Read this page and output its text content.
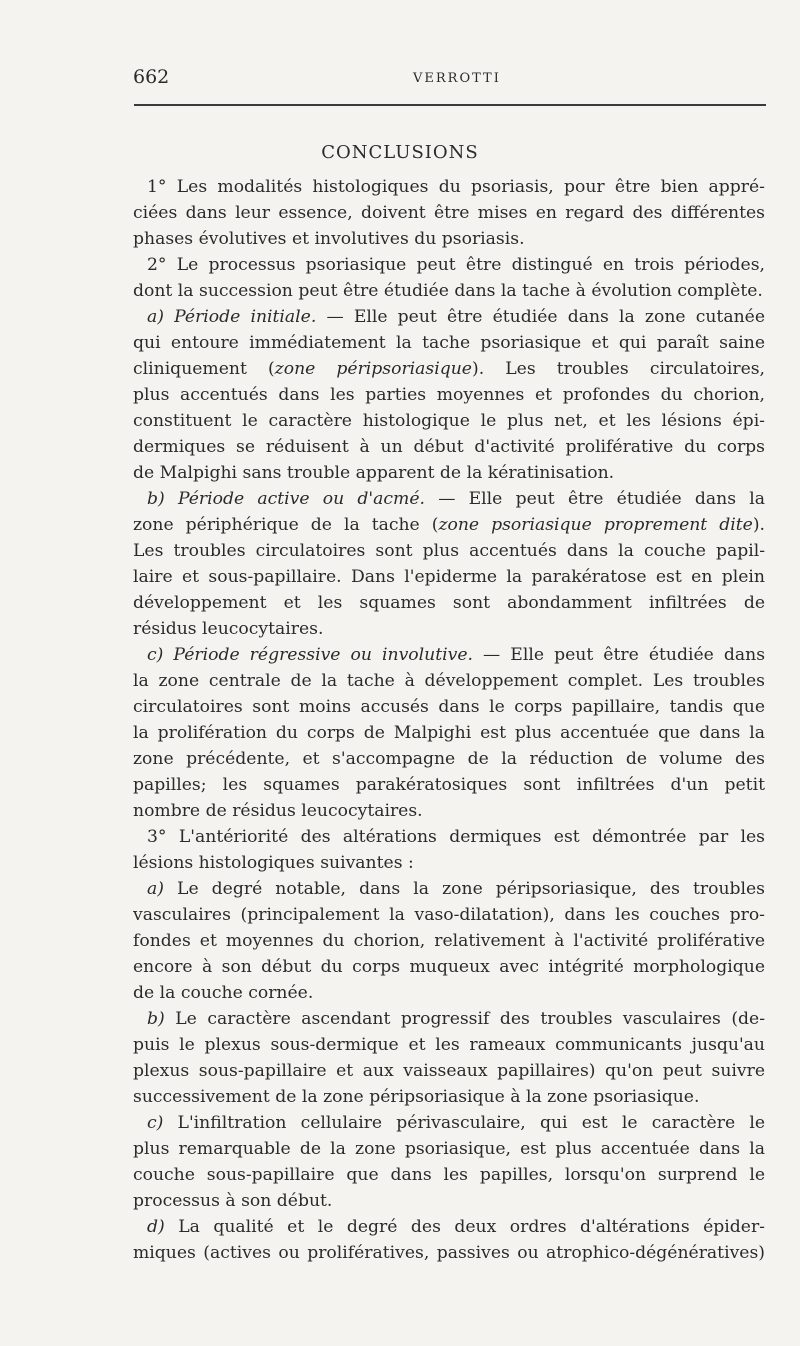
662	VERROTTI
CONCLUSIONS
1° Les modalités histologiques du psoriasis, pour être bien appré-
ciées dans leur essence, doivent être mises en regard des différentes
phases évolutives et involutives du psoriasis.
2° Le processus psoriasique peut être distingué en trois périodes,
dont la succession peut être étudiée dans la tache à évolution complète.
a) Période initiale. — Elle peut être étudiée dans la zone cutanée
qui entoure immédiatement la tache psoriasique et qui paraît saine
cliniquement (zone péripsoriasique). Les troubles circulatoires,
plus accentués dans les parties moyennes et profondes du chorion,
constituent le caractère histologique le plus net, et les lésions épi-
dermiques se réduisent à un début d'activité proliférative du corps
de Malpighi sans trouble apparent de la kératinisation.
b) Période active ou d'acmé. — Elle peut être étudiée dans la
zone périphérique de la tache (zone psoriasique proprement dite).
Les troubles circulatoires sont plus accentués dans la couche papil-
laire et sous-papillaire. Dans l'epiderme la parakératose est en plein
développement et les squames sont abondamment infiltrées de
résidus leucocytaires.
c) Période régressive ou involutive. — Elle peut être étudiée dans
la zone centrale de la tache à développement complet. Les troubles
circulatoires sont moins accusés dans le corps papillaire, tandis que
la prolifération du corps de Malpighi est plus accentuée que dans la
zone précédente, et s'accompagne de la réduction de volume des
papilles; les squames parakératosiques sont infiltrées d'un petit
nombre de résidus leucocytaires.
3° L'antériorité des altérations dermiques est démontrée par les
lésions histologiques suivantes :
a) Le degré notable, dans la zone péripsoriasique, des troubles
vasculaires (principalement la vaso-dilatation), dans les couches pro-
fondes et moyennes du chorion, relativement à l'activité proliférative
encore à son début du corps muqueux avec intégrité morphologique
de la couche cornée.
b) Le caractère ascendant progressif des troubles vasculaires (de-
puis le plexus sous-dermique et les rameaux communicants jusqu'au
plexus sous-papillaire et aux vaisseaux papillaires) qu'on peut suivre
successivement de la zone péripsoriasique à la zone psoriasique.
c) L'infiltration cellulaire périvasculaire, qui est le caractère le
plus remarquable de la zone psoriasique, est plus accentuée dans la
couche sous-papillaire que dans les papilles, lorsqu'on surprend le
processus à son début.
d) La qualité et le degré des deux ordres d'altérations épider-
miques (actives ou prolifératives, passives ou atrophico-dégénératives)
